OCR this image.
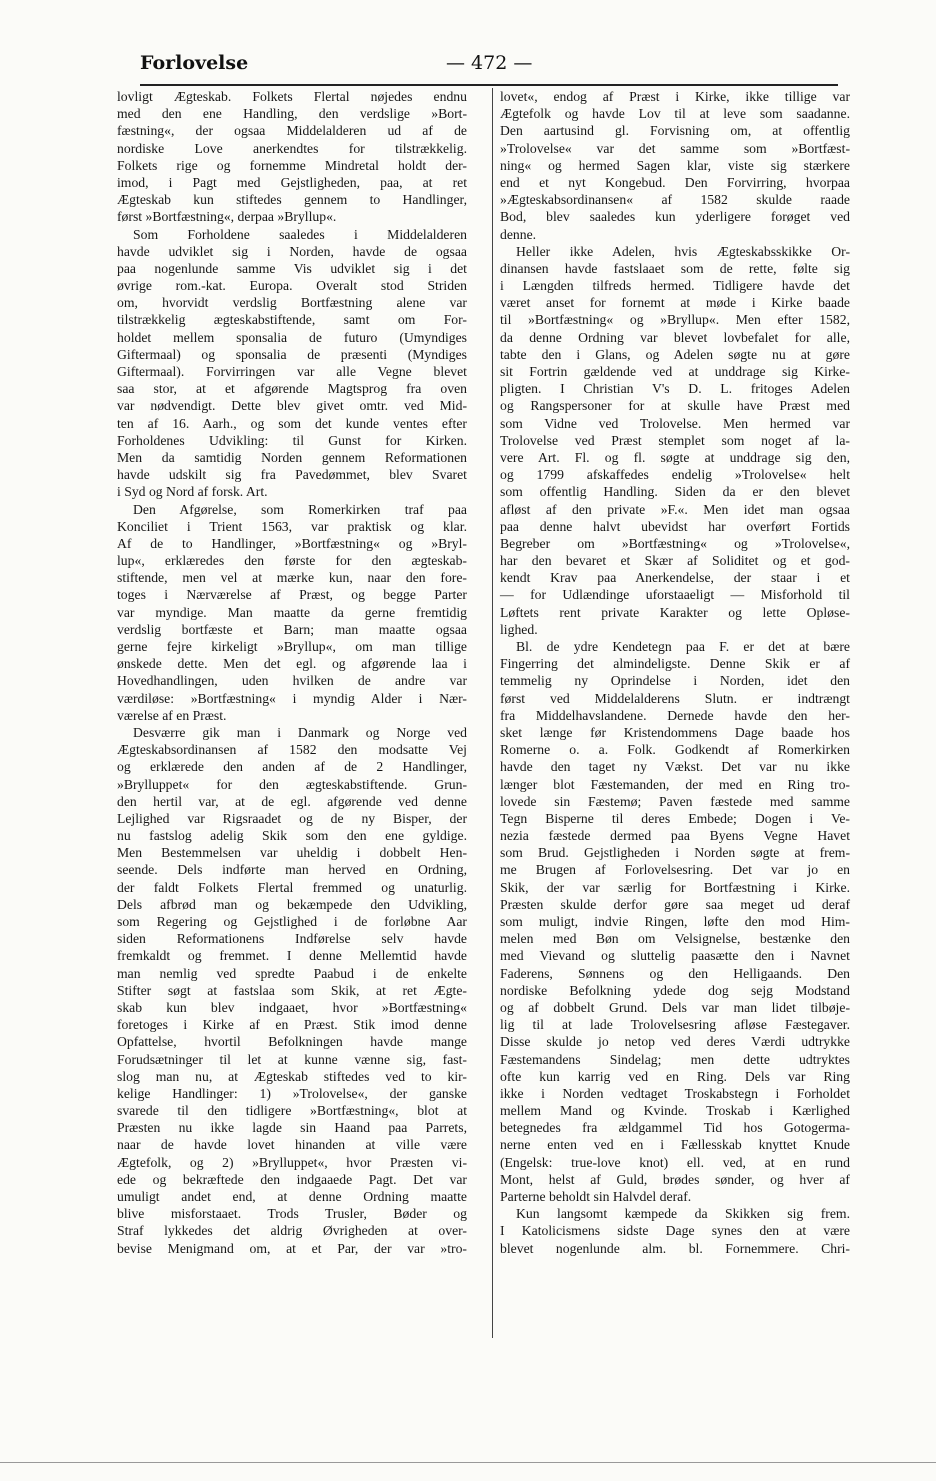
Forlovelse	— 472 —
lovligt Ægteskab. Folkets Flertal nøjedes endnu
med den ene Handling, den verdslige »Bort-
fæstning«, der ogsaa Middelalderen ud af de
nordiske Love anerkendtes for tilstrækkelig.
Folkets rige og fornemme Mindretal holdt der-
imod, i Pagt med Gejstligheden, paa, at ret
Ægteskab kun stiftedes gennem to Handlinger,
først »Bortfæstning«, derpaa »Bryllup«.
Som Forholdene saaledes i Middelalderen
havde udviklet sig i Norden, havde de ogsaa
paa nogenlunde samme Vis udviklet sig i det
øvrige rom.-kat. Europa. Overalt stod Striden
om, hvorvidt verdslig Bortfæstning alene var
tilstrækkelig ægteskabstiftende, samt om For-
holdet mellem sponsalia de futuro (Umyndiges
Giftermaal) og sponsalia de præsenti (Myndiges
Giftermaal). Forvirringen var alle Vegne blevet
saa stor, at et afgørende Magtsprog fra oven
var nødvendigt. Dette blev givet omtr. ved Mid-
ten af 16. Aarh., og som det kunde ventes efter
Forholdenes Udvikling: til Gunst for Kirken.
Men da samtidig Norden gennem Reformationen
havde udskilt sig fra Pavedømmet, blev Svaret
i Syd og Nord af forsk. Art.
Den Afgørelse, som Romerkirken traf paa
Konciliet i Trient 1563, var praktisk og klar.
Af de to Handlinger, »Bortfæstning« og »Bryl-
lup«, erklæredes den første for den ægteskab-
stiftende, men vel at mærke kun, naar den fore-
toges i Nærværelse af Præst, og begge Parter
var myndige. Man maatte da gerne fremtidig
verdslig bortfæste et Barn; man maatte ogsaa
gerne fejre kirkeligt »Bryllup«, om man tillige
ønskede dette. Men det egl. og afgørende laa i
Hovedhandlingen, uden hvilken de andre var
værdiløse: »Bortfæstning« i myndig Alder i Nær-
værelse af en Præst.
Desværre gik man i Danmark og Norge ved
Ægteskabsordinansen af 1582 den modsatte Vej
og erklærede den anden af de 2 Handlinger,
»Brylluppet« for den ægteskabstiftende. Grun-
den hertil var, at de egl. afgørende ved denne
Lejlighed var Rigsraadet og de ny Bisper, der
nu fastslog adelig Skik som den ene gyldige.
Men Bestemmelsen var uheldig i dobbelt Hen-
seende. Dels indførte man herved en Ordning,
der faldt Folkets Flertal fremmed og unaturlig.
Dels afbrød man og bekæmpede den Udvikling,
som Regering og Gejstlighed i de forløbne Aar
siden Reformationens Indførelse selv havde
fremkaldt og fremmet. I denne Mellemtid havde
man nemlig ved spredte Paabud i de enkelte
Stifter søgt at fastslaa som Skik, at ret Ægte-
skab kun blev indgaaet, hvor »Bortfæstning«
foretoges i Kirke af en Præst. Stik imod denne
Opfattelse, hvortil Befolkningen havde mange
Forudsætninger til let at kunne vænne sig, fast-
slog man nu, at Ægteskab stiftedes ved to kir-
kelige Handlinger: 1) »Trolovelse«, der ganske
svarede til den tidligere »Bortfæstning«, blot at
Præsten nu ikke lagde sin Haand paa Parrets,
naar de havde lovet hinanden at ville være
Ægtefolk, og 2) »Brylluppet«, hvor Præsten vi-
ede og bekræftede den indgaaede Pagt. Det var
umuligt andet end, at denne Ordning maatte
blive misforstaaet. Trods Trusler, Bøder og
Straf lykkedes det aldrig Øvrigheden at over-
bevise Menigmand om, at et Par, der var »tro-
lovet«, endog af Præst i Kirke, ikke tillige var
Ægtefolk og havde Lov til at leve som saadanne.
Den aartusind gl. Forvisning om, at offentlig
»Trolovelse« var det samme som »Bortfæst-
ning« og hermed Sagen klar, viste sig stærkere
end et nyt Kongebud. Den Forvirring, hvorpaa
»Ægteskabsordinansen« af 1582 skulde raade
Bod, blev saaledes kun yderligere forøget ved
denne.
Heller ikke Adelen, hvis Ægteskabsskikke Or-
dinansen havde fastslaaet som de rette, følte sig
i Længden tilfreds hermed. Tidligere havde det
været anset for fornemt at møde i Kirke baade
til »Bortfæstning« og »Bryllup«. Men efter 1582,
da denne Ordning var blevet lovbefalet for alle,
tabte den i Glans, og Adelen søgte nu at gøre
sit Fortrin gældende ved at unddrage sig Kirke-
pligten. I Christian V's D. L. fritoges Adelen
og Rangspersoner for at skulle have Præst med
som Vidne ved Trolovelse. Men hermed var
Trolovelse ved Præst stemplet som noget af la-
vere Art. Fl. og fl. søgte at unddrage sig den,
og 1799 afskaffedes endelig »Trolovelse« helt
som offentlig Handling. Siden da er den blevet
afløst af den private »F.«. Men idet man ogsaa
paa denne halvt ubevidst har overført Fortids
Begreber om »Bortfæstning« og »Trolovelse«,
har den bevaret et Skær af Soliditet og et god-
kendt Krav paa Anerkendelse, der staar i et
— for Udlændinge uforstaaeligt — Misforhold til
Løftets rent private Karakter og lette Opløse-
lighed.
Bl. de ydre Kendetegn paa F. er det at bære
Fingerring det almindeligste. Denne Skik er af
temmelig ny Oprindelse i Norden, idet den
først ved Middelalderens Slutn. er indtrængt
fra Middelhavslandene. Dernede havde den her-
sket længe før Kristendommens Dage baade hos
Romerne o. a. Folk. Godkendt af Romerkirken
havde den taget ny Vækst. Det var nu ikke
længer blot Fæstemanden, der med en Ring tro-
lovede sin Fæstemø; Paven fæstede med samme
Tegn Bisperne til deres Embede; Dogen i Ve-
nezia fæstede dermed paa Byens Vegne Havet
som Brud. Gejstligheden i Norden søgte at frem-
me Brugen af Forlovelsesring. Det var jo en
Skik, der var særlig for Bortfæstning i Kirke.
Præsten skulde derfor gøre saa meget ud deraf
som muligt, indvie Ringen, løfte den mod Him-
melen med Bøn om Velsignelse, bestænke den
med Vievand og sluttelig paasætte den i Navnet
Faderens, Sønnens og den Helligaands. Den
nordiske Befolkning ydede dog sejg Modstand
og af dobbelt Grund. Dels var man lidet tilbøje-
lig til at lade Trolovelsesring afløse Fæstegaver.
Disse skulde jo netop ved deres Værdi udtrykke
Fæstemandens Sindelag; men dette udtryktes
ofte kun karrig ved en Ring. Dels var Ring
ikke i Norden vedtaget Troskabstegn i Forholdet
mellem Mand og Kvinde. Troskab i Kærlighed
betegnedes fra ældgammel Tid hos Gotogerma-
nerne enten ved en i Fællesskab knyttet Knude
(Engelsk: true-love knot) ell. ved, at en rund
Mont, helst af Guld, brødes sønder, og hver af
Parterne beholdt sin Halvdel deraf.
Kun langsomt kæmpede da Skikken sig frem.
I Katolicismens sidste Dage synes den at være
blevet nogenlunde alm. bl. Fornemmere. Chri-
